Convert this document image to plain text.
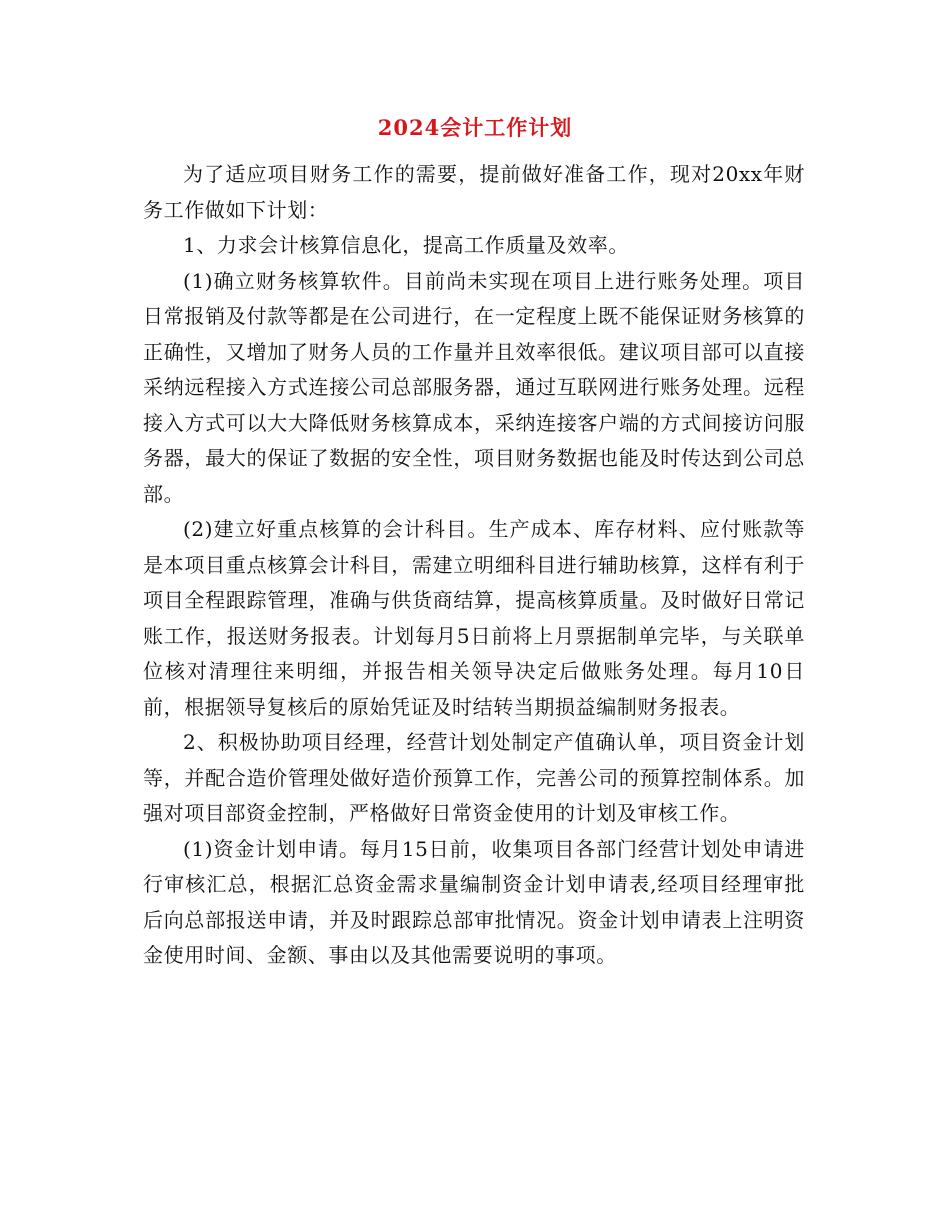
2024会计工作计划

为了适应项目财务工作的需要，提前做好准备工作，现对20xx年财务工作做如下计划：

1、力求会计核算信息化，提高工作质量及效率。

(1)确立财务核算软件。目前尚未实现在项目上进行账务处理。项目日常报销及付款等都是在公司进行，在一定程度上既不能保证财务核算的正确性，又增加了财务人员的工作量并且效率很低。建议项目部可以直接采纳远程接入方式连接公司总部服务器，通过互联网进行账务处理。远程接入方式可以大大降低财务核算成本，采纳连接客户端的方式间接访问服务器，最大的保证了数据的安全性，项目财务数据也能及时传达到公司总部。

(2)建立好重点核算的会计科目。生产成本、库存材料、应付账款等是本项目重点核算会计科目，需建立明细科目进行辅助核算，这样有利于项目全程跟踪管理，准确与供货商结算，提高核算质量。及时做好日常记账工作，报送财务报表。计划每月5日前将上月票据制单完毕，与关联单位核对清理往来明细，并报告相关领导决定后做账务处理。每月10日前，根据领导复核后的原始凭证及时结转当期损益编制财务报表。

2、积极协助项目经理，经营计划处制定产值确认单，项目资金计划等，并配合造价管理处做好造价预算工作，完善公司的预算控制体系。加强对项目部资金控制，严格做好日常资金使用的计划及审核工作。

(1)资金计划申请。每月15日前，收集项目各部门经营计划处申请进行审核汇总，根据汇总资金需求量编制资金计划申请表,经项目经理审批后向总部报送申请，并及时跟踪总部审批情况。资金计划申请表上注明资金使用时间、金额、事由以及其他需要说明的事项。
